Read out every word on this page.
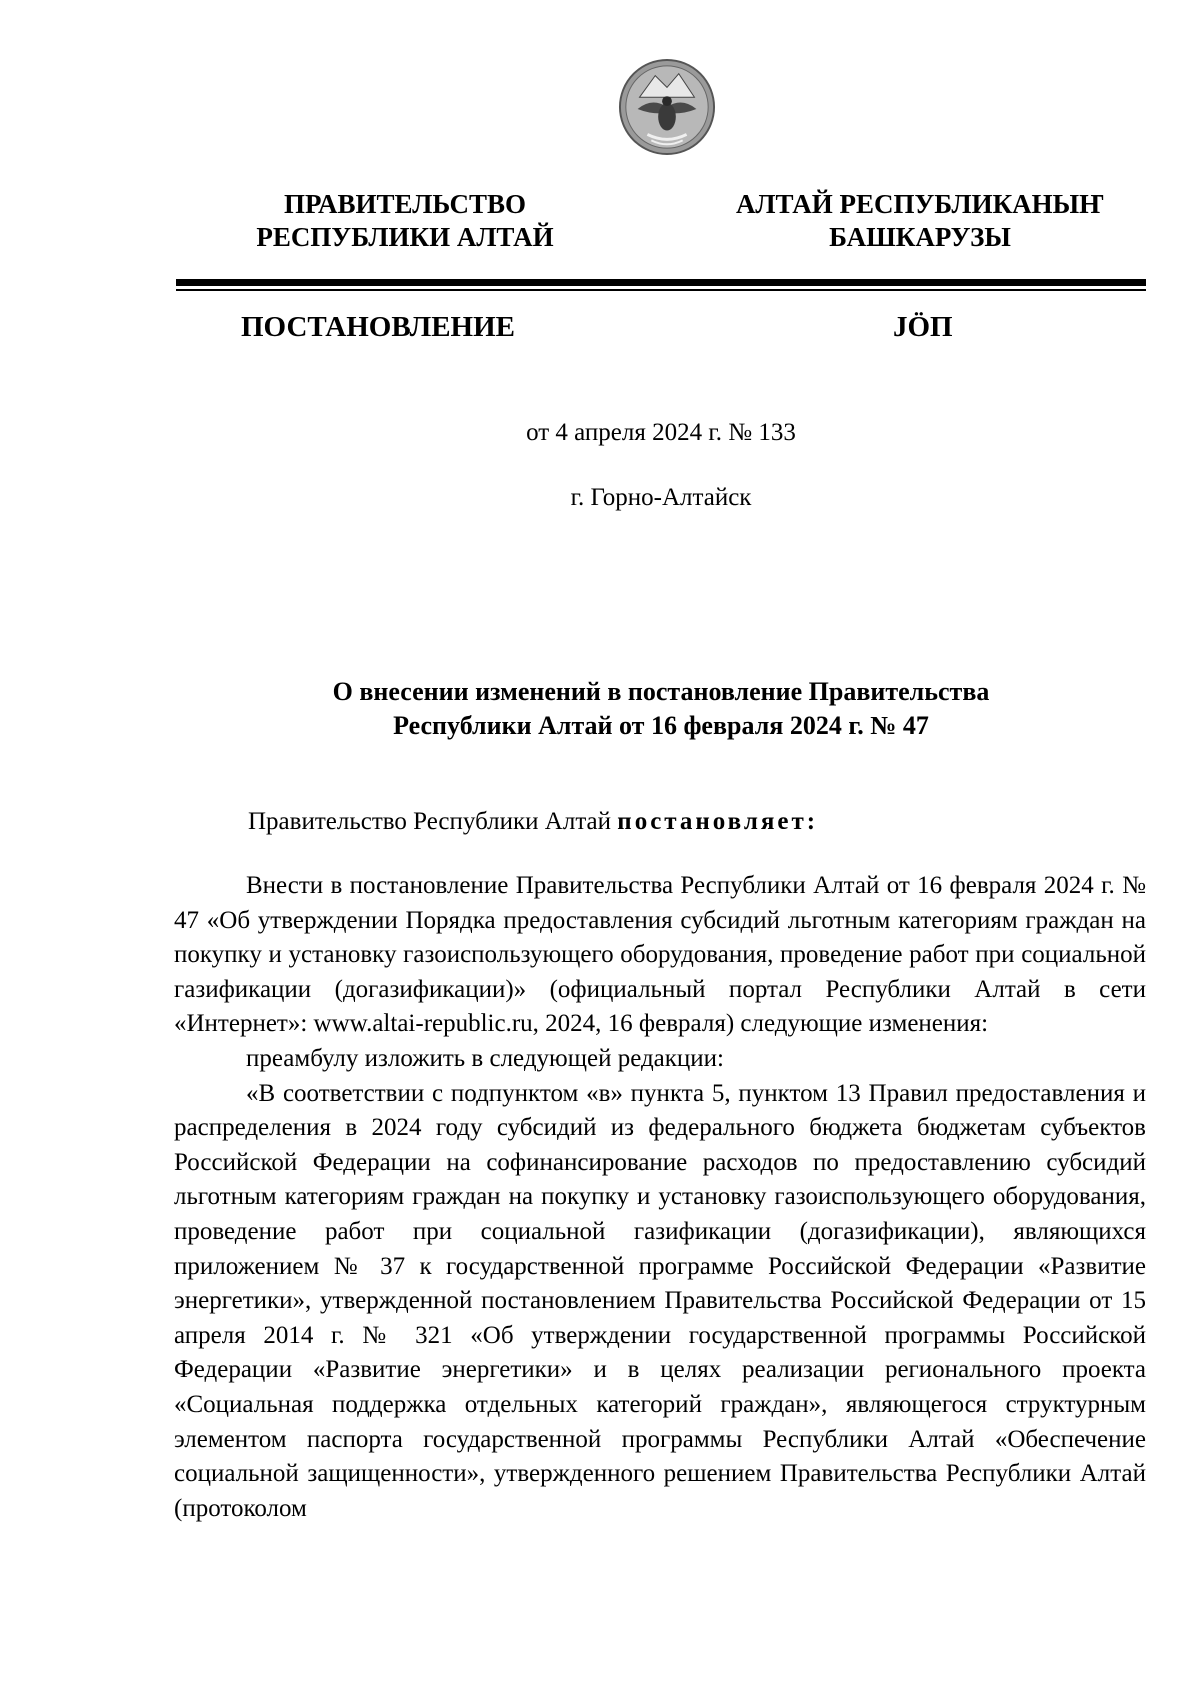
ПРАВИТЕЛЬСТВО
РЕСПУБЛИКИ АЛТАЙ
АЛТАЙ РЕСПУБЛИКАНЫҤ
БАШКАРУЗЫ
ПОСТАНОВЛЕНИЕ	JӦП
от 4 апреля 2024 г. № 133
г. Горно-Алтайск
О внесении изменений в постановление Правительства
Республики Алтай от 16 февраля 2024 г. № 47
Правительство Республики Алтай постановляет:

Внести в постановление Правительства Республики Алтай от 16 февраля 2024 г. № 47 «Об утверждении Порядка предоставления субсидий льготным категориям граждан на покупку и установку газоиспользующего оборудования, проведение работ при социальной газификации (догазификации)» (официальный портал Республики Алтай в сети «Интернет»: www.altai-republic.ru, 2024, 16 февраля) следующие изменения:

преамбулу изложить в следующей редакции:

«В соответствии с подпунктом «в» пункта 5, пунктом 13 Правил предоставления и распределения в 2024 году субсидий из федерального бюджета бюджетам субъектов Российской Федерации на софинансирование расходов по предоставлению субсидий льготным категориям граждан на покупку и установку газоиспользующего оборудования, проведение работ при социальной газификации (догазификации), являющихся приложением № 37 к государственной программе Российской Федерации «Развитие энергетики», утвержденной постановлением Правительства Российской Федерации от 15 апреля 2014 г. № 321 «Об утверждении государственной программы Российской Федерации «Развитие энергетики» и в целях реализации регионального проекта «Социальная поддержка отдельных категорий граждан», являющегося структурным элементом паспорта государственной программы Республики Алтай «Обеспечение социальной защищенности», утвержденного решением Правительства Республики Алтай (протоколом
